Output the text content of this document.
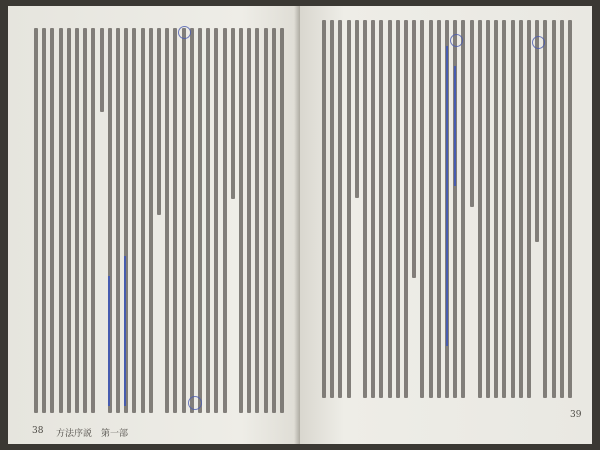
38 方法序説　第一部
39
